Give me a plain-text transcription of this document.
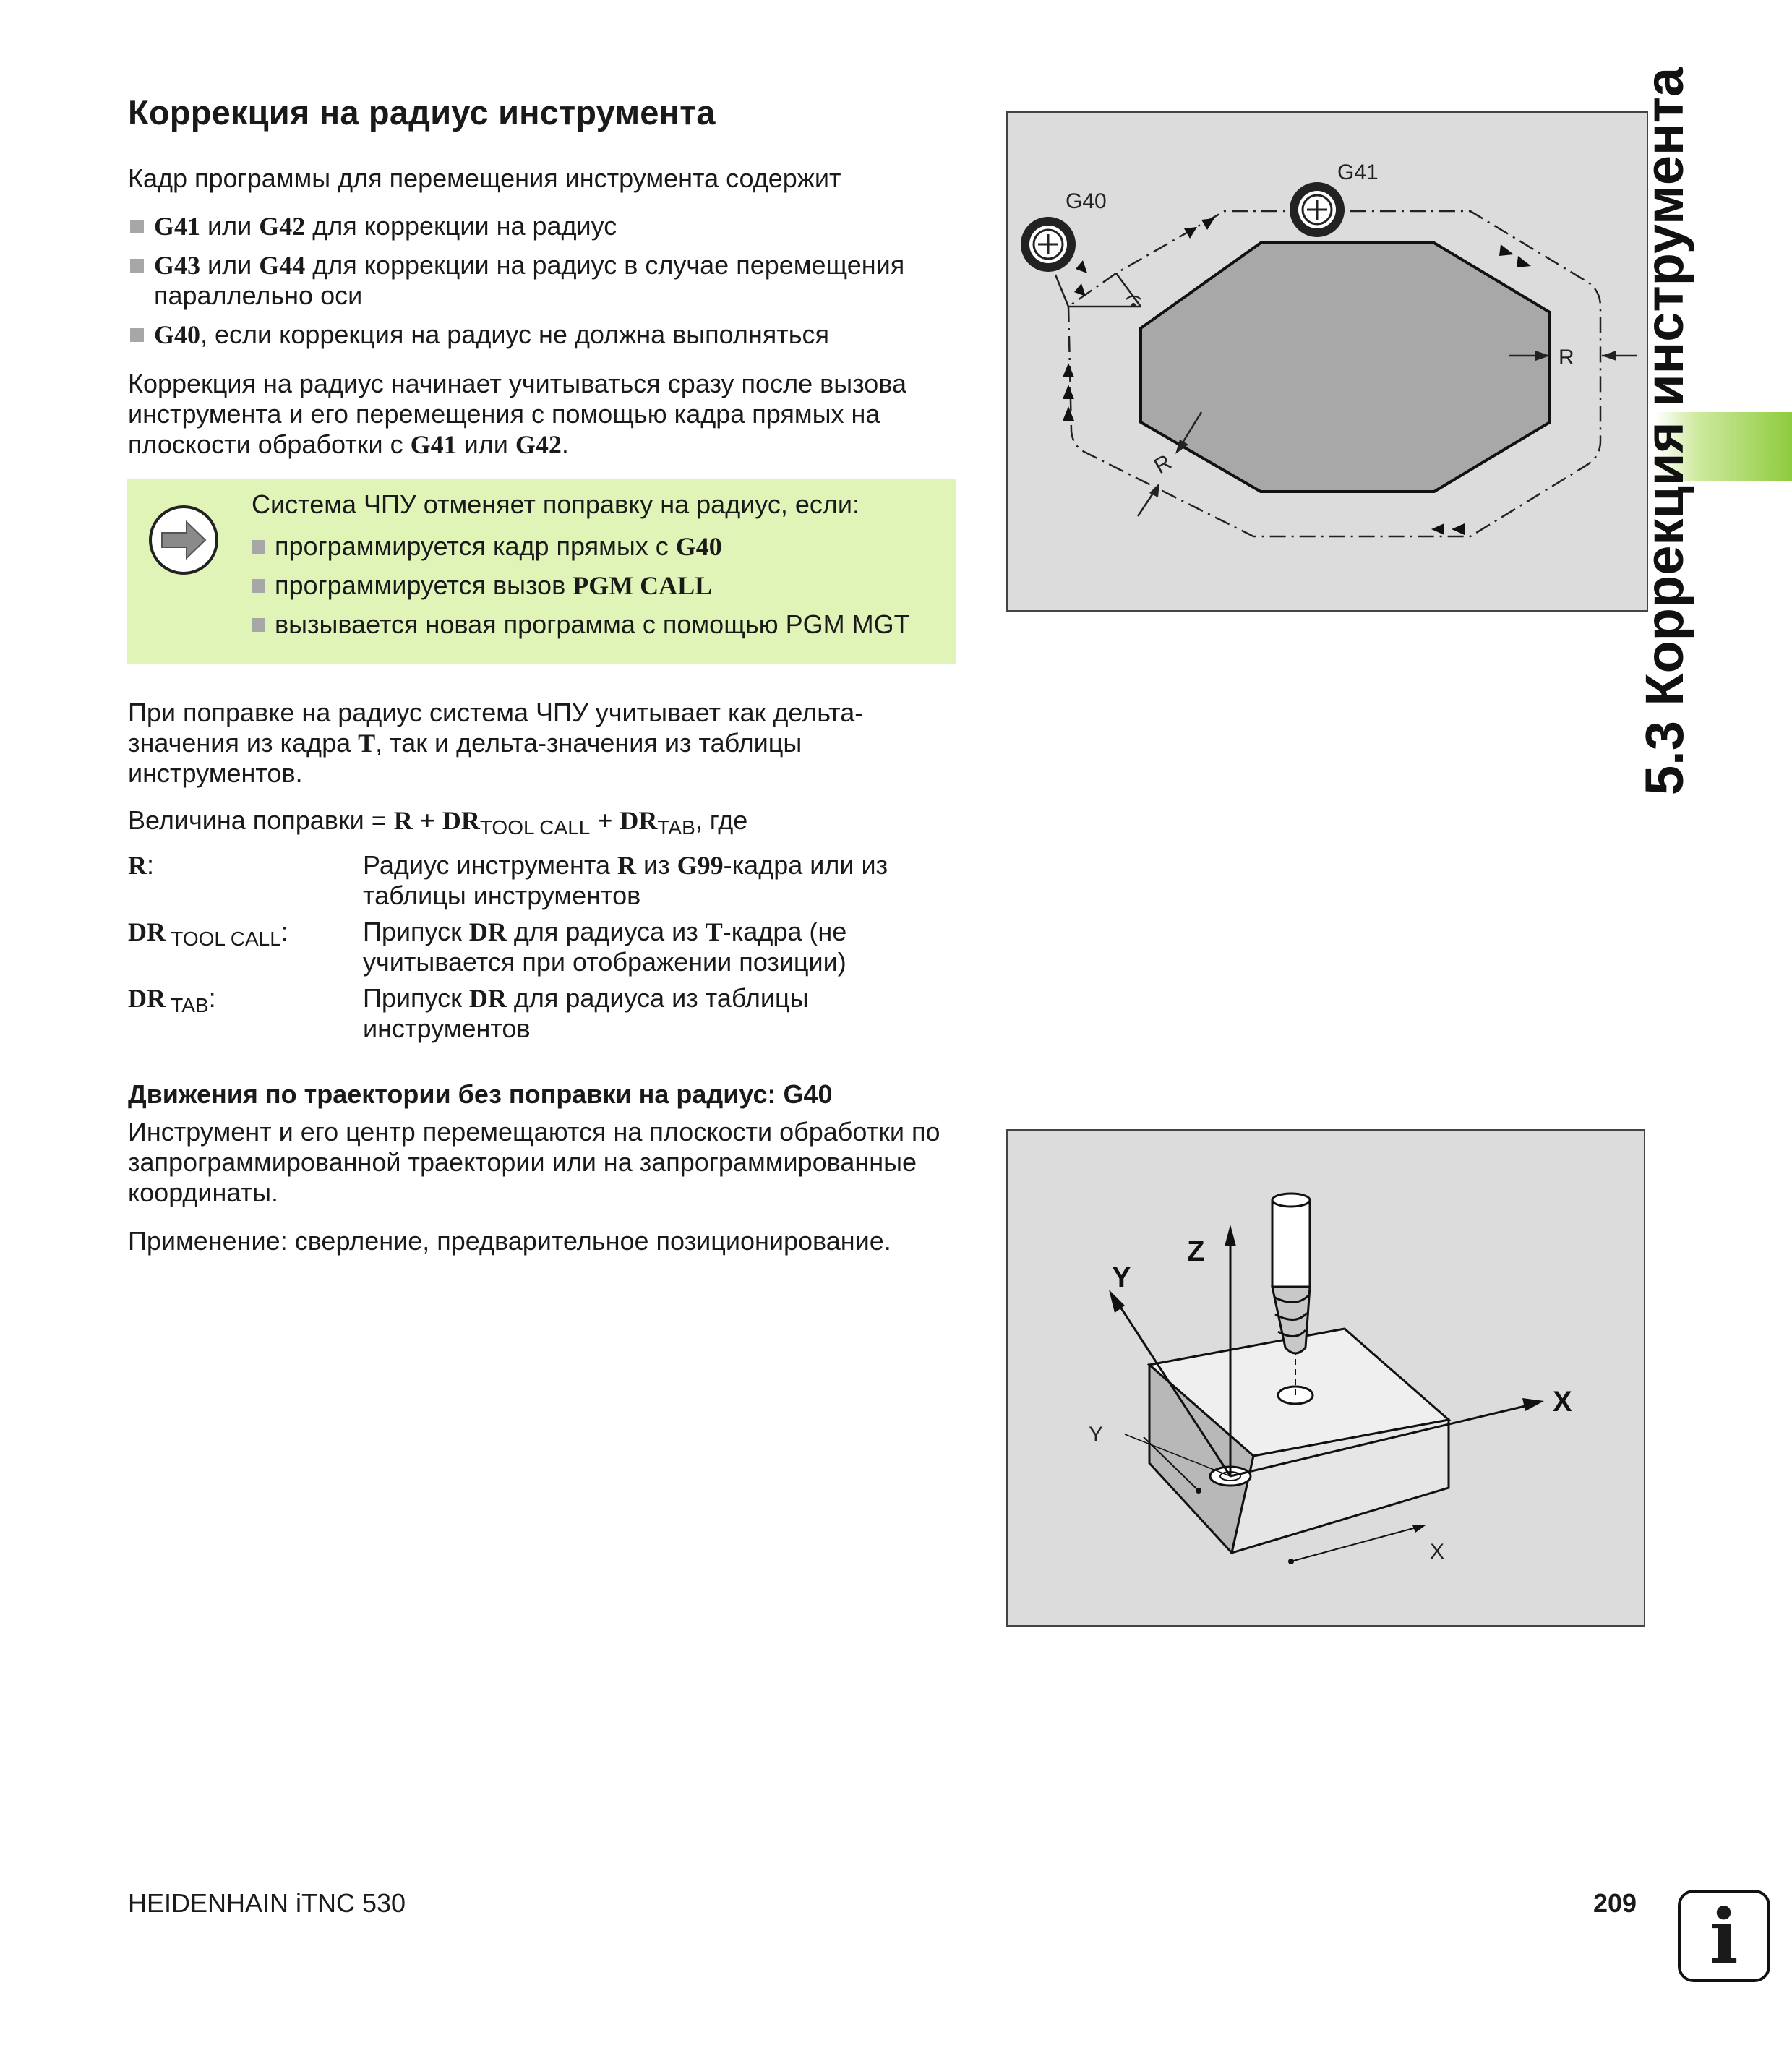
Коррекция на радиус инструмента
Кадр программы для перемещения инструмента содержит
G41 или G42 для коррекции на радиус
G43 или G44 для коррекции на радиус в случае перемещения параллельно оси
G40, если коррекция на радиус не должна выполняться
Коррекция на радиус начинает учитываться сразу после вызова инструмента и его перемещения с помощью кадра прямых на плоскости обработки с G41 или G42.
Система ЧПУ отменяет поправку на радиус, если:
программируется кадр прямых с G40
программируется вызов PGM CALL
вызывается новая программа с помощью PGM MGT
При поправке на радиус система ЧПУ учитывает как дельта-значения из кадра T, так и дельта-значения из таблицы инструментов.
Величина поправки = $R + DR_{TOOL CALL} + DR_{TAB}$, где
R:	Радиус инструмента R из G99-кадра или из таблицы инструментов
DR $_{TOOL CALL}$:	Припуск DR для радиуса из T-кадра (не учитывается при отображении позиции)
DR $_{TAB}$:	Припуск DR для радиуса из таблицы инструментов
Движения по траектории без поправки на радиус: G40
Инструмент и его центр перемещаются на плоскости обработки по запрограммированной траектории или на запрограммированные координаты.
Применение: сверление, предварительное позиционирование.
G40
G41
R
R
Z
Y
X
Y
X
5.3 Коррекция инструмента
HEIDENHAIN iTNC 530	209 i
